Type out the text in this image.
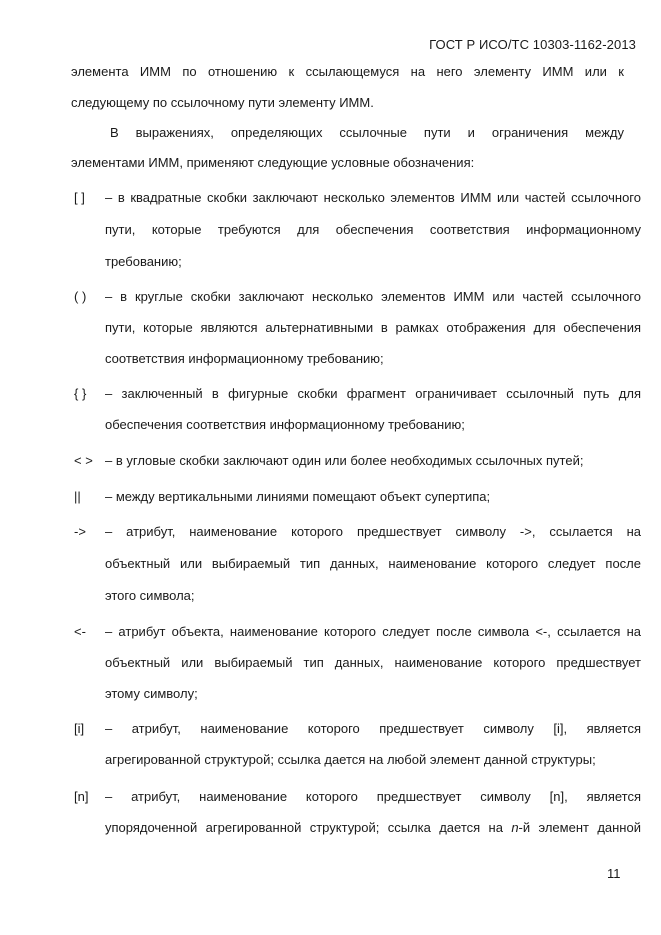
ГОСТ Р ИСО/ТС 10303-1162-2013
элемента ИММ по отношению к ссылающемуся на него элементу ИММ или к
следующему по ссылочному пути элементу ИММ.
В выражениях, определяющих ссылочные пути и ограничения между
элементами ИММ, применяют следующие условные обозначения:
[ ] – в квадратные скобки заключают несколько элементов ИММ или частей ссылочного
пути, которые требуются для обеспечения соответствия информационному
требованию;
( ) – в круглые скобки заключают несколько элементов ИММ или частей ссылочного
пути, которые являются альтернативными в рамках отображения для обеспечения
соответствия информационному требованию;
{ } – заключенный в фигурные скобки фрагмент ограничивает ссылочный путь для
обеспечения соответствия информационному требованию;
< > – в угловые скобки заключают один или более необходимых ссылочных путей;
|| – между вертикальными линиями помещают объект супертипа;
-> – атрибут, наименование которого предшествует символу ->, ссылается на
объектный или выбираемый тип данных, наименование которого следует после
этого символа;
<- – атрибут объекта, наименование которого следует после символа <-, ссылается на
объектный или выбираемый тип данных, наименование которого предшествует
этому символу;
[i] – атрибут, наименование которого предшествует символу [i], является
агрегированной структурой; ссылка дается на любой элемент данной структуры;
[n] – атрибут, наименование которого предшествует символу [n], является
упорядоченной агрегированной структурой; ссылка дается на n-й элемент данной
11
